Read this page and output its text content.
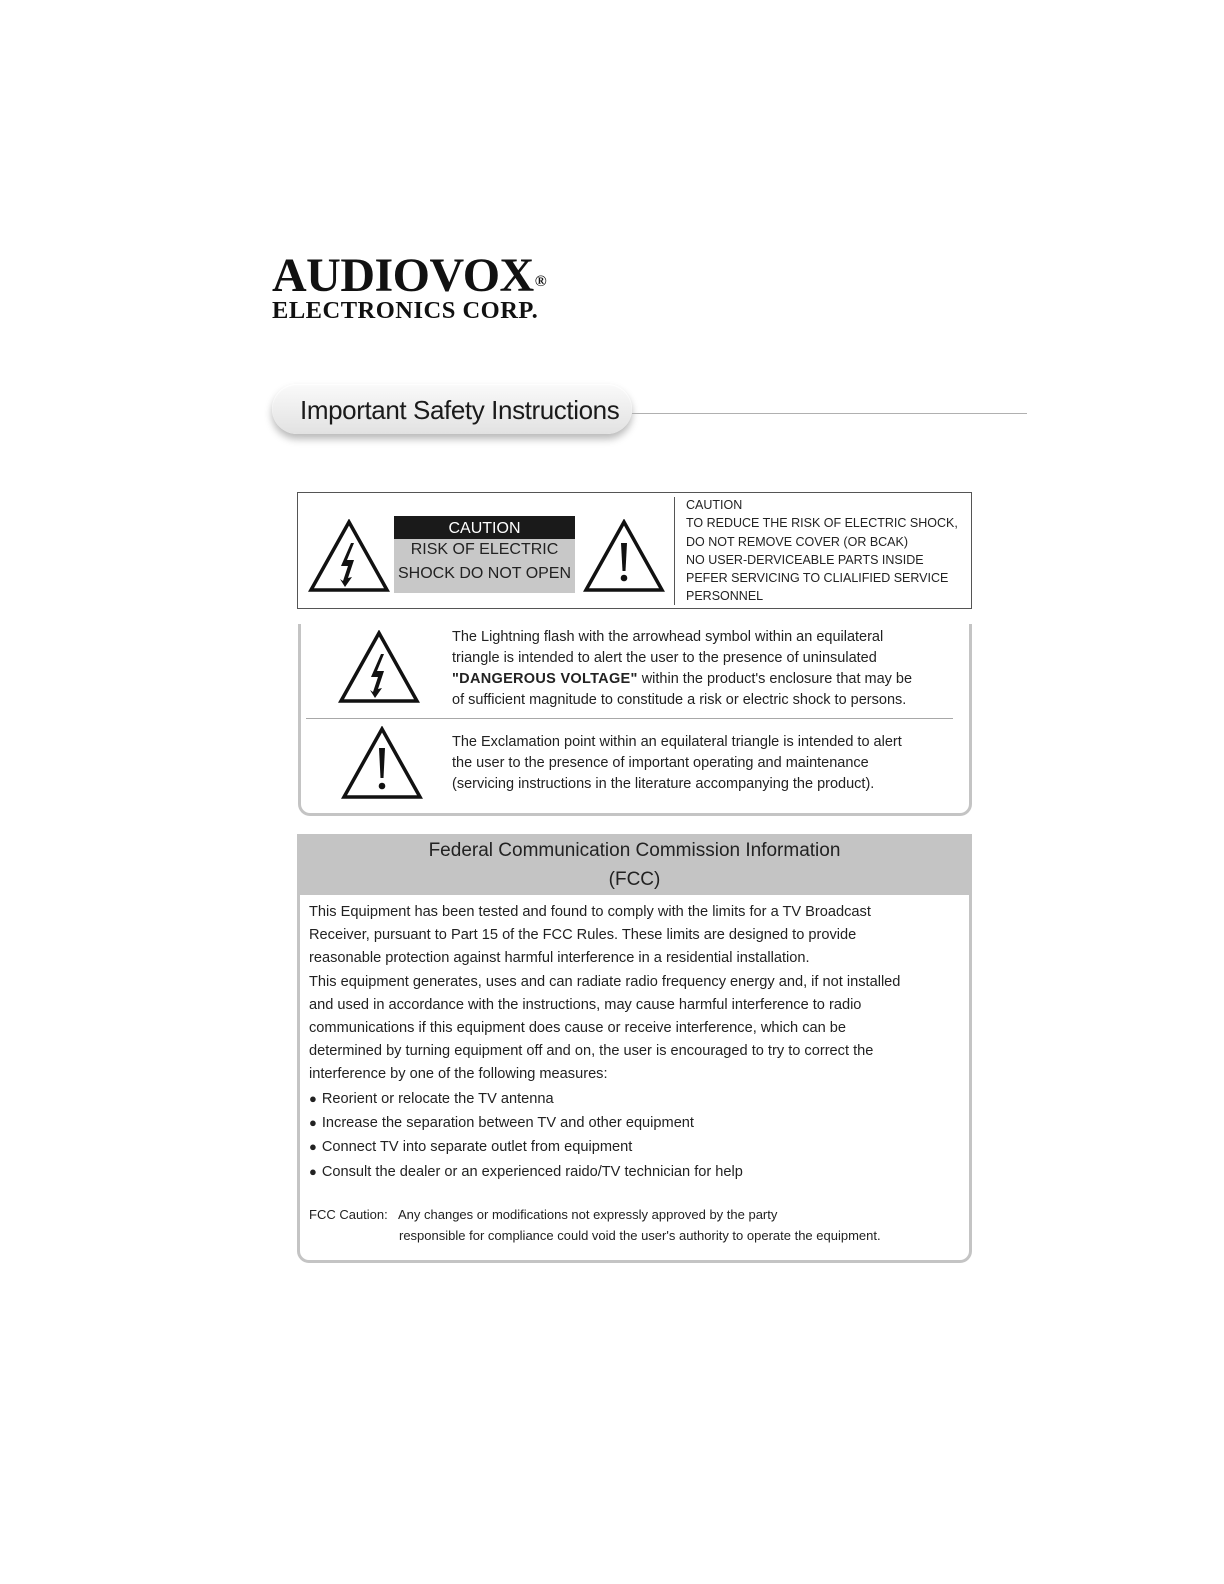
AUDIOVOX®
ELECTRONICS CORP.
Important Safety Instructions
CAUTION
RISK OF ELECTRIC
SHOCK DO NOT OPEN
CAUTION
TO REDUCE THE RISK OF ELECTRIC SHOCK,
DO NOT REMOVE COVER (OR BCAK)
NO USER-DERVICEABLE PARTS INSIDE
PEFER SERVICING TO CLIALIFIED SERVICE
PERSONNEL
The Lightning flash with the arrowhead symbol within an equilateral
triangle is intended to alert the user to the presence of uninsulated
"DANGEROUS VOLTAGE" within the product's enclosure that may be
of sufficient magnitude to constitude a risk or electric shock to persons.
The Exclamation point within an equilateral triangle is intended to alert
the user to the presence of important operating and maintenance
(servicing instructions in the literature accompanying the product).
Federal Communication Commission Information
(FCC)
This Equipment has been tested and found to comply with the limits for a TV Broadcast
Receiver, pursuant to Part 15 of the FCC Rules. These limits are designed to provide
reasonable protection against harmful interference in a residential installation.
This equipment generates, uses and can radiate radio frequency energy and, if not installed
and used in accordance with the instructions, may cause harmful interference to radio
communications if this equipment does cause or receive interference, which can be
determined by turning equipment off and on, the user is encouraged to try to correct the
interference by one of the following measures:
● Reorient or relocate the TV antenna
● Increase the separation between TV and other equipment
● Connect TV into separate outlet from equipment
● Consult the dealer or an experienced raido/TV technician for help
FCC Caution: Any changes or modifications not expressly approved by the party
responsible for compliance could void the user's authority to operate the equipment.
